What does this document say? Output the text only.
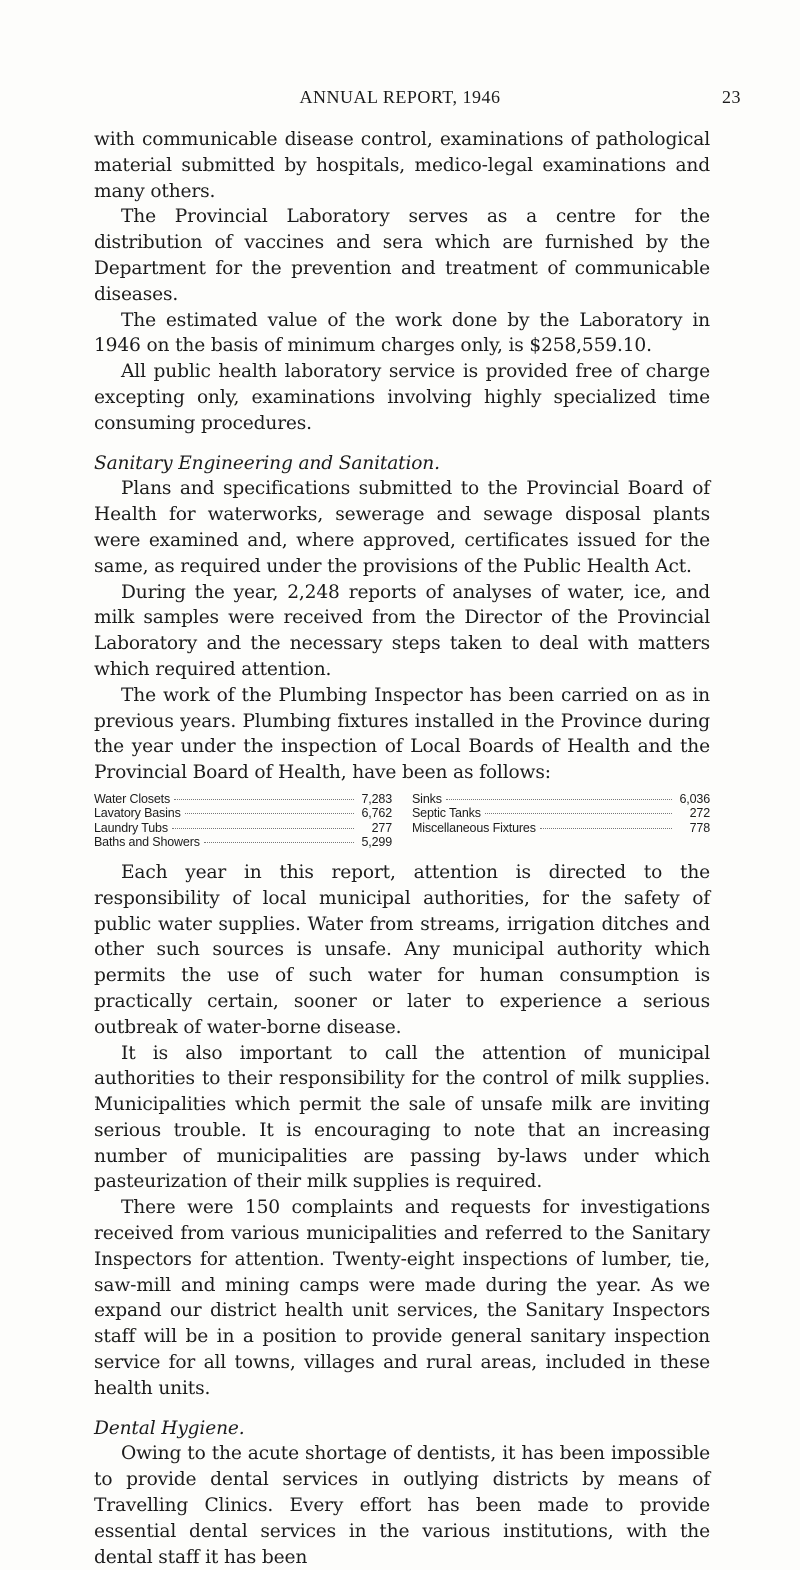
ANNUAL REPORT, 1946	23

with communicable disease control, examinations of pathological material submitted by hospitals, medico-legal examinations and many others.

The Provincial Laboratory serves as a centre for the distribution of vaccines and sera which are furnished by the Department for the prevention and treatment of communicable diseases.

The estimated value of the work done by the Laboratory in 1946 on the basis of minimum charges only, is $258,559.10.

All public health laboratory service is provided free of charge excepting only, examinations involving highly specialized time consuming procedures.

Sanitary Engineering and Sanitation.

Plans and specifications submitted to the Provincial Board of Health for waterworks, sewerage and sewage disposal plants were examined and, where approved, certificates issued for the same, as required under the provisions of the Public Health Act.

During the year, 2,248 reports of analyses of water, ice, and milk samples were received from the Director of the Provincial Laboratory and the necessary steps taken to deal with matters which required attention.

The work of the Plumbing Inspector has been carried on as in previous years. Plumbing fixtures installed in the Province during the year under the inspection of Local Boards of Health and the Provincial Board of Health, have been as follows:

Water Closets	7,283
Lavatory Basins	6,762
Laundry Tubs	277
Baths and Showers	5,299
Sinks	6,036
Septic Tanks	272
Miscellaneous Fixtures	778

Each year in this report, attention is directed to the responsibility of local municipal authorities, for the safety of public water supplies. Water from streams, irrigation ditches and other such sources is unsafe. Any municipal authority which permits the use of such water for human consumption is practically certain, sooner or later to experience a serious outbreak of water-borne disease.

It is also important to call the attention of municipal authorities to their responsibility for the control of milk supplies. Municipalities which permit the sale of unsafe milk are inviting serious trouble. It is encouraging to note that an increasing number of municipalities are passing by-laws under which pasteurization of their milk supplies is required.

There were 150 complaints and requests for investigations received from various municipalities and referred to the Sanitary Inspectors for attention. Twenty-eight inspections of lumber, tie, saw-mill and mining camps were made during the year. As we expand our district health unit services, the Sanitary Inspectors staff will be in a position to provide general sanitary inspection service for all towns, villages and rural areas, included in these health units.

Dental Hygiene.

Owing to the acute shortage of dentists, it has been impossible to provide dental services in outlying districts by means of Travelling Clinics. Every effort has been made to provide essential dental services in the various institutions, with the dental staff it has been
